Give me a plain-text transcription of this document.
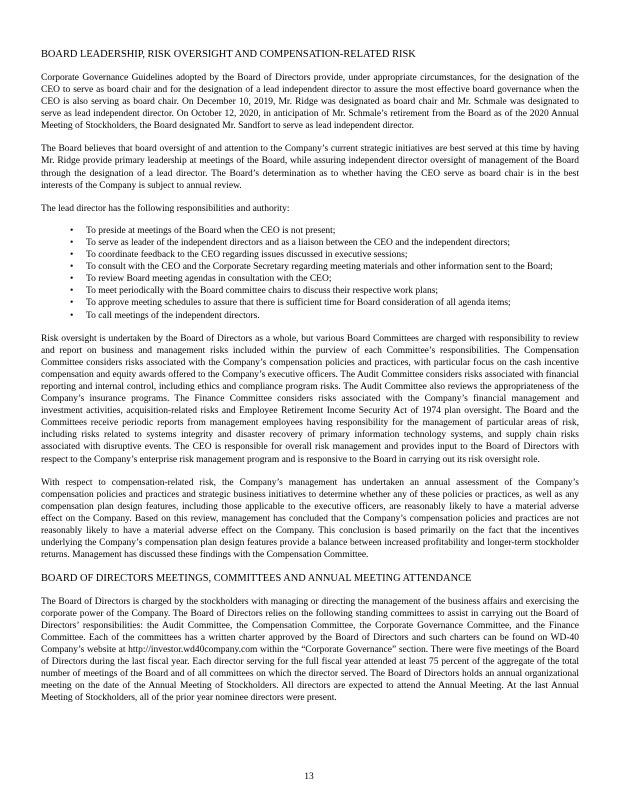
BOARD LEADERSHIP, RISK OVERSIGHT AND COMPENSATION-RELATED RISK

Corporate Governance Guidelines adopted by the Board of Directors provide, under appropriate circumstances, for the designation of the CEO to serve as board chair and for the designation of a lead independent director to assure the most effective board governance when the CEO is also serving as board chair. On December 10, 2019, Mr. Ridge was designated as board chair and Mr. Schmale was designated to serve as lead independent director. On October 12, 2020, in anticipation of Mr. Schmale’s retirement from the Board as of the 2020 Annual Meeting of Stockholders, the Board designated Mr. Sandfort to serve as lead independent director.

The Board believes that board oversight of and attention to the Company’s current strategic initiatives are best served at this time by having Mr. Ridge provide primary leadership at meetings of the Board, while assuring independent director oversight of management of the Board through the designation of a lead director. The Board’s determination as to whether having the CEO serve as board chair is in the best interests of the Company is subject to annual review.

The lead director has the following responsibilities and authority:

• To preside at meetings of the Board when the CEO is not present;
• To serve as leader of the independent directors and as a liaison between the CEO and the independent directors;
• To coordinate feedback to the CEO regarding issues discussed in executive sessions;
• To consult with the CEO and the Corporate Secretary regarding meeting materials and other information sent to the Board;
• To review Board meeting agendas in consultation with the CEO;
• To meet periodically with the Board committee chairs to discuss their respective work plans;
• To approve meeting schedules to assure that there is sufficient time for Board consideration of all agenda items;
• To call meetings of the independent directors.

Risk oversight is undertaken by the Board of Directors as a whole, but various Board Committees are charged with responsibility to review and report on business and management risks included within the purview of each Committee’s responsibilities. The Compensation Committee considers risks associated with the Company’s compensation policies and practices, with particular focus on the cash incentive compensation and equity awards offered to the Company’s executive officers. The Audit Committee considers risks associated with financial reporting and internal control, including ethics and compliance program risks. The Audit Committee also reviews the appropriateness of the Company’s insurance programs. The Finance Committee considers risks associated with the Company’s financial management and investment activities, acquisition-related risks and Employee Retirement Income Security Act of 1974 plan oversight. The Board and the Committees receive periodic reports from management employees having responsibility for the management of particular areas of risk, including risks related to systems integrity and disaster recovery of primary information technology systems, and supply chain risks associated with disruptive events. The CEO is responsible for overall risk management and provides input to the Board of Directors with respect to the Company’s enterprise risk management program and is responsive to the Board in carrying out its risk oversight role.

With respect to compensation-related risk, the Company’s management has undertaken an annual assessment of the Company’s compensation policies and practices and strategic business initiatives to determine whether any of these policies or practices, as well as any compensation plan design features, including those applicable to the executive officers, are reasonably likely to have a material adverse effect on the Company. Based on this review, management has concluded that the Company’s compensation policies and practices are not reasonably likely to have a material adverse effect on the Company. This conclusion is based primarily on the fact that the incentives underlying the Company’s compensation plan design features provide a balance between increased profitability and longer-term stockholder returns. Management has discussed these findings with the Compensation Committee.

BOARD OF DIRECTORS MEETINGS, COMMITTEES AND ANNUAL MEETING ATTENDANCE

The Board of Directors is charged by the stockholders with managing or directing the management of the business affairs and exercising the corporate power of the Company. The Board of Directors relies on the following standing committees to assist in carrying out the Board of Directors’ responsibilities: the Audit Committee, the Compensation Committee, the Corporate Governance Committee, and the Finance Committee. Each of the committees has a written charter approved by the Board of Directors and such charters can be found on WD-40 Company’s website at http://investor.wd40company.com within the “Corporate Governance” section. There were five meetings of the Board of Directors during the last fiscal year. Each director serving for the full fiscal year attended at least 75 percent of the aggregate of the total number of meetings of the Board and of all committees on which the director served. The Board of Directors holds an annual organizational meeting on the date of the Annual Meeting of Stockholders. All directors are expected to attend the Annual Meeting. At the last Annual Meeting of Stockholders, all of the prior year nominee directors were present.

13
